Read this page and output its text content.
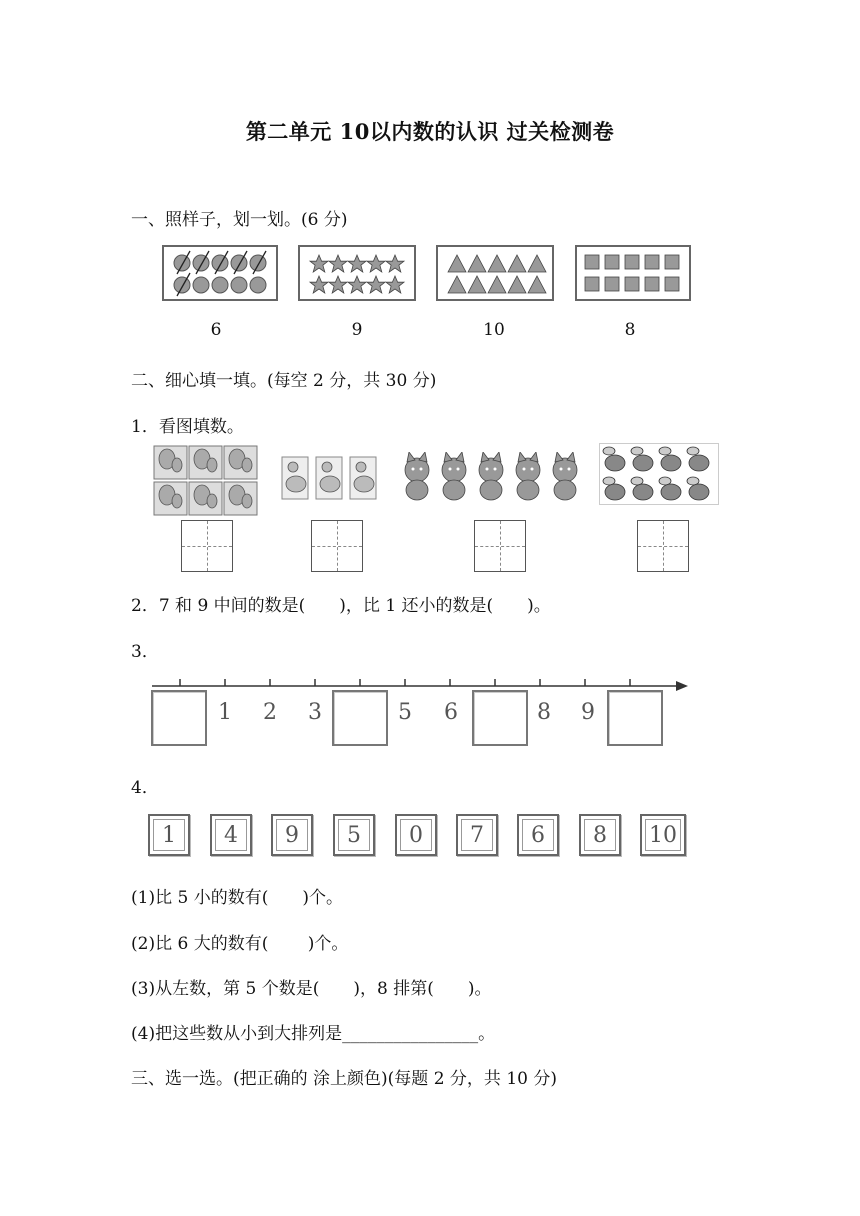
第二单元 10以内数的认识 过关检测卷
一、照样子，划一划。(6 分)
6	9	10	8
二、细心填一填。(每空 2 分，共 30 分)
1．看图填数。
2．7 和 9 中间的数是(　　)，比 1 还小的数是(　　)。
3．
1 2 3	5 6	8 9
4．
1	4	9	5	0	7	6	8	10
(1)比 5 小的数有(　　)个。
(2)比 6 大的数有(　　 )个。
(3)从左数，第 5 个数是(　　)，8 排第(　　)。
(4)把这些数从小到大排列是________________。
三、选一选。(把正确的 涂上颜色)(每题 2 分，共 10 分)
